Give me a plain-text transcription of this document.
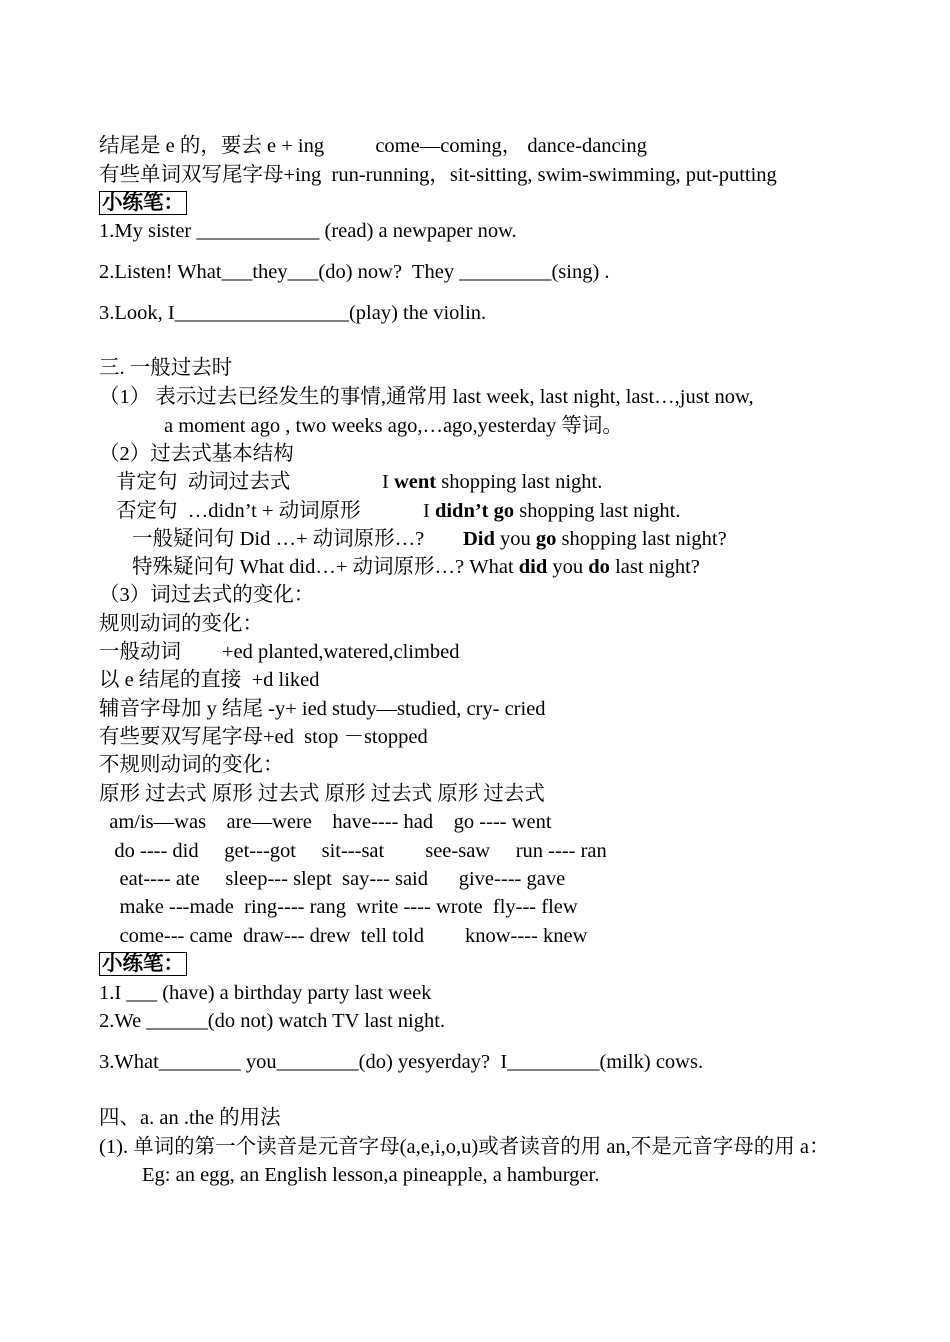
结尾是 e 的，要去 e + ing          come—coming， dance-dancing
有些单词双写尾字母+ing  run-running，sit-sitting, swim-swimming, put-putting
小练笔：
1.My sister ____________ (read) a newpaper now.
2.Listen! What___they___(do) now?  They _________(sing) .
3.Look, I_________________(play) the violin.
三. 一般过去时
（1） 表示过去已经发生的事情,通常用 last week, last night, last…,just now,
a moment ago , two weeks ago,…ago,yesterday 等词。
（2）过去式基本结构
肯定句  动词过去式	I went shopping last night.
否定句  …didn’t + 动词原形	I didn’t go shopping last night.
一般疑问句 Did …+ 动词原形…? Did you go shopping last night?
特殊疑问句 What did…+ 动词原形…? What did you do last night?
（3）词过去式的变化：
规则动词的变化：
一般动词        +ed planted,watered,climbed
以 e 结尾的直接  +d liked
辅音字母加 y 结尾 -y+ ied study—studied, cry- cried
有些要双写尾字母+ed  stop －stopped
不规则动词的变化：
原形 过去式 原形 过去式 原形 过去式 原形 过去式
am/is—was    are—were    have---- had    go ---- went
do ---- did     get---got     sit---sat        see-saw     run ---- ran
eat---- ate     sleep--- slept  say--- said      give---- gave
make ---made  ring---- rang  write ---- wrote  fly--- flew
come--- came  draw--- drew  tell told        know---- knew
小练笔：
1.I ___ (have) a birthday party last week
2.We ______(do not) watch TV last night.
3.What________ you________(do) yesyerday?  I_________(milk) cows.
四、a. an .the 的用法
(1). 单词的第一个读音是元音字母(a,e,i,o,u)或者读音的用 an,不是元音字母的用 a：
Eg: an egg, an English lesson,a pineapple, a hamburger.
